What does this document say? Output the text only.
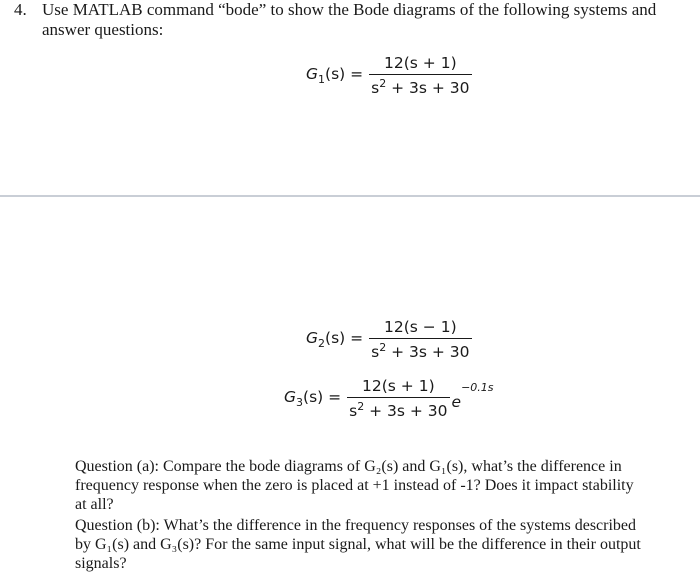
4. Use MATLAB command “bode” to show the Bode diagrams of the following systems and
answer questions:
$G_1(s) = \frac{12(s + 1)}{s^2 + 3s + 30}$
$G_2(s) = \frac{12(s - 1)}{s^2 + 3s + 30}$
$G_3(s) = \frac{12(s + 1)}{s^2 + 3s + 30}$ e
−0.1s
Question (a): Compare the bode diagrams of G₂(s) and G₁(s), what’s the difference in
frequency response when the zero is placed at +1 instead of -1? Does it impact stability
at all?
Question (b): What’s the difference in the frequency responses of the systems described
by G₁(s) and G₃(s)? For the same input signal, what will be the difference in their output
signals?
